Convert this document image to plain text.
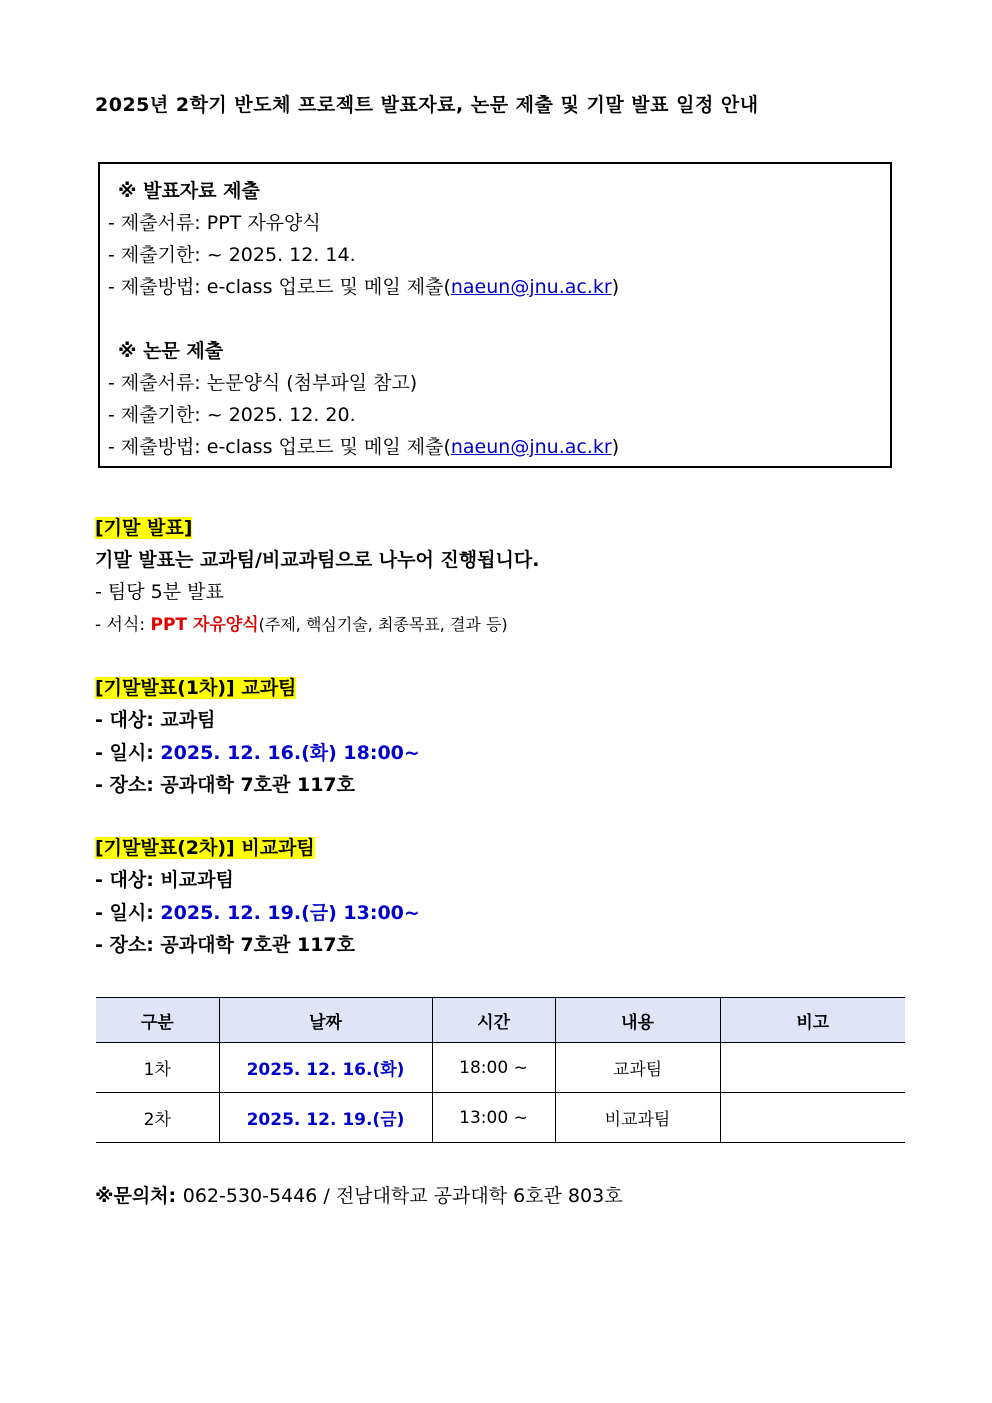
2025년 2학기 반도체 프로젝트 발표자료, 논문 제출 및 기말 발표 일정 안내
※ 발표자료 제출
- 제출서류: PPT 자유양식
- 제출기한: ~ 2025. 12. 14.
- 제출방법: e-class 업로드 및 메일 제출(naeun@jnu.ac.kr)
※ 논문 제출
- 제출서류: 논문양식 (첨부파일 참고)
- 제출기한: ~ 2025. 12. 20.
- 제출방법: e-class 업로드 및 메일 제출(naeun@jnu.ac.kr)
[기말 발표]
기말 발표는 교과팀/비교과팀으로 나누어 진행됩니다.
- 팀당 5분 발표
- 서식: PPT 자유양식(주제, 핵심기술, 최종목표, 결과 등)
[기말발표(1차)] 교과팀
- 대상: 교과팀
- 일시: 2025. 12. 16.(화) 18:00~
- 장소: 공과대학 7호관 117호
[기말발표(2차)] 비교과팀
- 대상: 비교과팀
- 일시: 2025. 12. 19.(금) 13:00~
- 장소: 공과대학 7호관 117호
구분	날짜	시간	내용	비고
1차	2025. 12. 16.(화)	18:00 ~	교과팀	
2차	2025. 12. 19.(금)	13:00 ~	비교과팀	
※문의처: 062-530-5446 / 전남대학교 공과대학 6호관 803호
